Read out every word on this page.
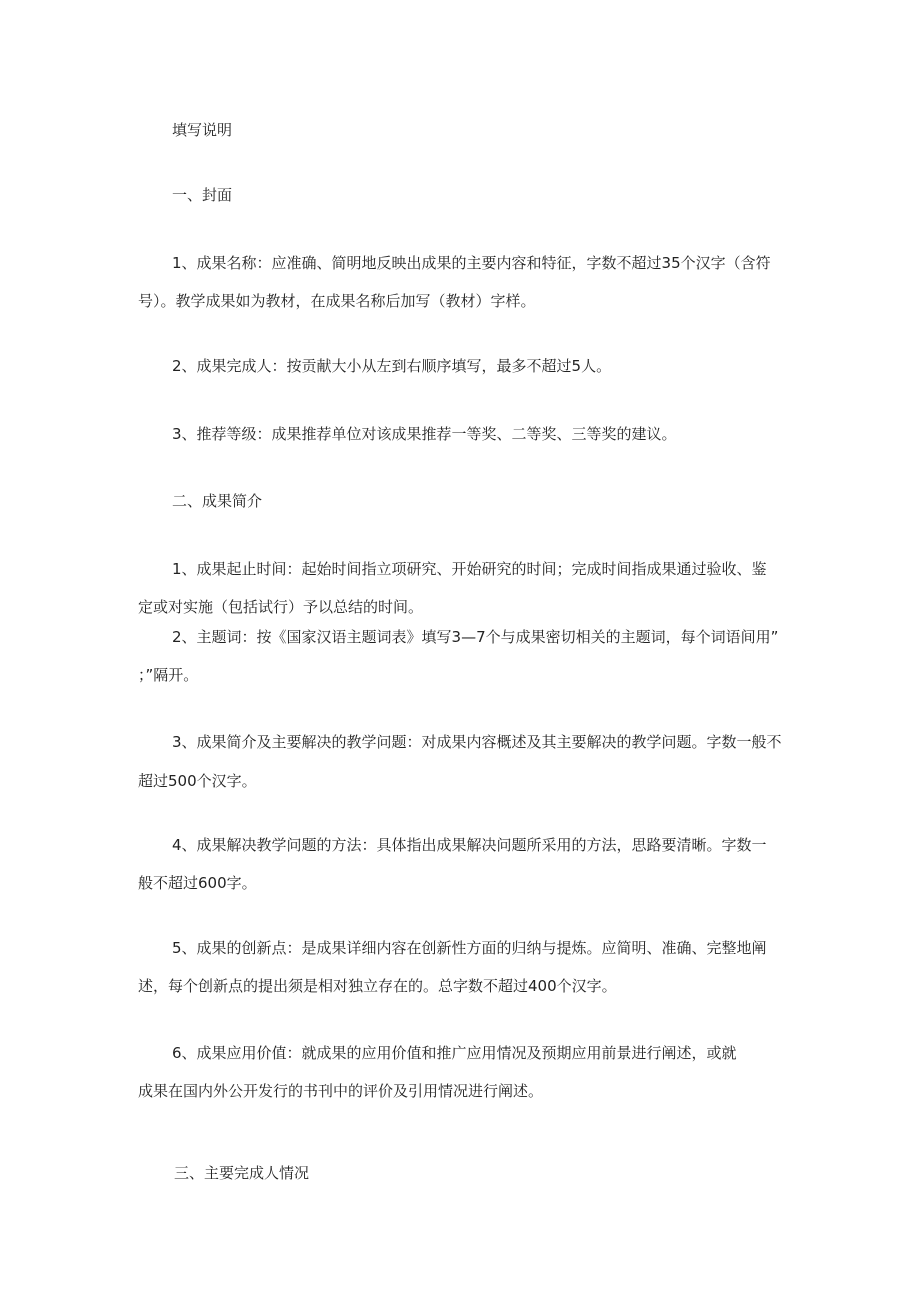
填写说明
一、封面
1、成果名称：应准确、简明地反映出成果的主要内容和特征，字数不超过35个汉字（含符
号）。教学成果如为教材，在成果名称后加写（教材）字样。
2、成果完成人：按贡献大小从左到右顺序填写，最多不超过5人。
3、推荐等级：成果推荐单位对该成果推荐一等奖、二等奖、三等奖的建议。
二、成果简介
1、成果起止时间：起始时间指立项研究、开始研究的时间；完成时间指成果通过验收、鉴
定或对实施（包括试行）予以总结的时间。
2、主题词：按《国家汉语主题词表》填写3—7个与成果密切相关的主题词，每个词语间用”
；”隔开。
3、成果简介及主要解决的教学问题：对成果内容概述及其主要解决的教学问题。字数一般不
超过500个汉字。
4、成果解决教学问题的方法：具体指出成果解决问题所采用的方法，思路要清晰。字数一
般不超过600字。
5、成果的创新点：是成果详细内容在创新性方面的归纳与提炼。应简明、准确、完整地阐
述，每个创新点的提出须是相对独立存在的。总字数不超过400个汉字。
6、成果应用价值：就成果的应用价值和推广应用情况及预期应用前景进行阐述，或就
成果在国内外公开发行的书刊中的评价及引用情况进行阐述。
三、主要完成人情况
